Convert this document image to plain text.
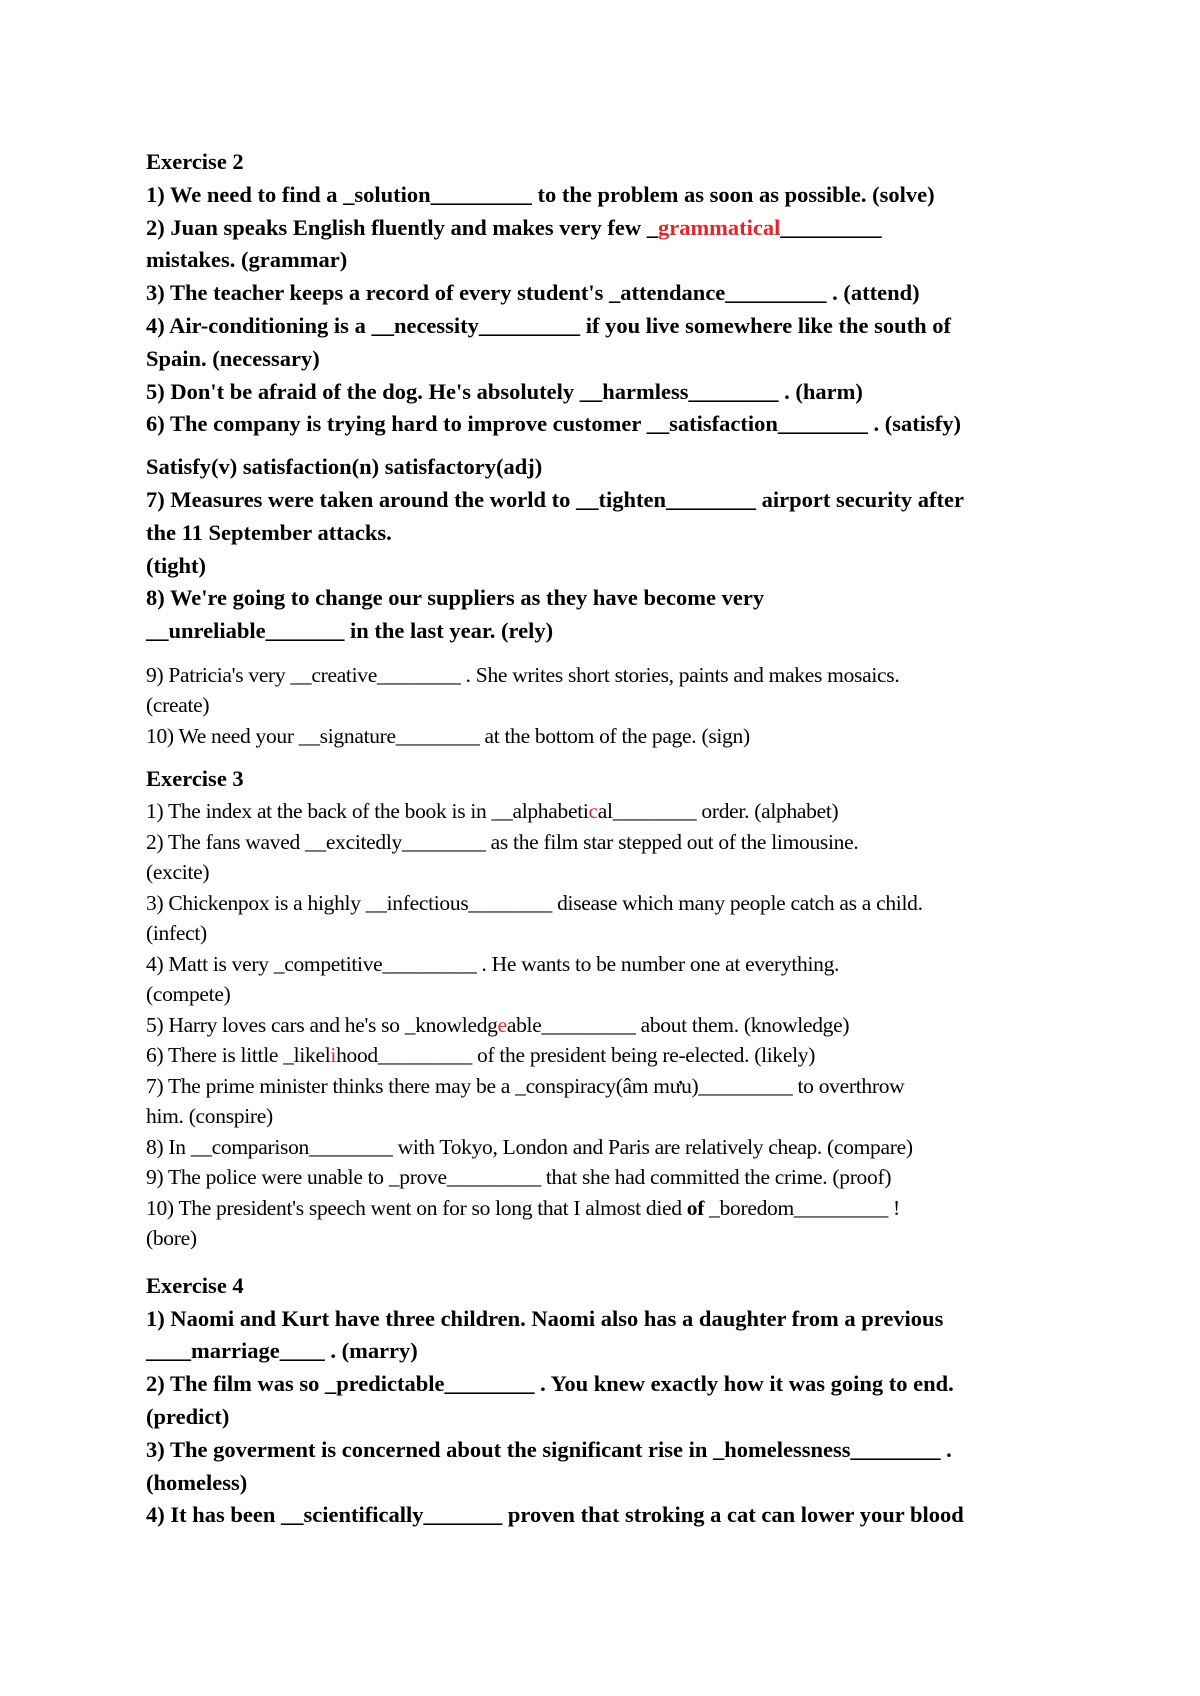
Exercise 2

1) We need to find a _solution_________ to the problem as soon as possible. (solve)

2) Juan speaks English fluently and makes very few _grammatical_________

mistakes. (grammar)

3) The teacher keeps a record of every student's _attendance_________ . (attend)

4) Air-conditioning is a __necessity_________ if you live somewhere like the south of

Spain. (necessary)

5) Don't be afraid of the dog. He's absolutely __harmless________ . (harm)

6) The company is trying hard to improve customer __satisfaction________ . (satisfy)

Satisfy(v) satisfaction(n) satisfactory(adj)

7) Measures were taken around the world to __tighten________ airport security after

the 11 September attacks.

(tight)

8) We're going to change our suppliers as they have become very

__unreliable_______ in the last year. (rely)

9) Patricia's very __creative________ . She writes short stories, paints and makes mosaics.

(create)

10) We need your __signature________ at the bottom of the page. (sign)

Exercise 3

1) The index at the back of the book is in __alphabetical________ order. (alphabet)

2) The fans waved __excitedly________ as the film star stepped out of the limousine.

(excite)

3) Chickenpox is a highly __infectious________ disease which many people catch as a child.

(infect)

4) Matt is very _competitive_________ . He wants to be number one at everything.

(compete)

5) Harry loves cars and he's so _knowledgeable_________ about them. (knowledge)

6) There is little _likelihood_________ of the president being re-elected. (likely)

7) The prime minister thinks there may be a _conspiracy(âm mưu)_________ to overthrow

him. (conspire)

8) In __comparison________ with Tokyo, London and Paris are relatively cheap. (compare)

9) The police were unable to _prove_________ that she had committed the crime. (proof)

10) The president's speech went on for so long that I almost died of _boredom_________ !

(bore)

Exercise 4

1) Naomi and Kurt have three children. Naomi also has a daughter from a previous

____marriage____ . (marry)

2) The film was so _predictable________ . You knew exactly how it was going to end.

(predict)

3) The goverment is concerned about the significant rise in _homelessness________ .

(homeless)

4) It has been __scientifically_______ proven that stroking a cat can lower your blood
